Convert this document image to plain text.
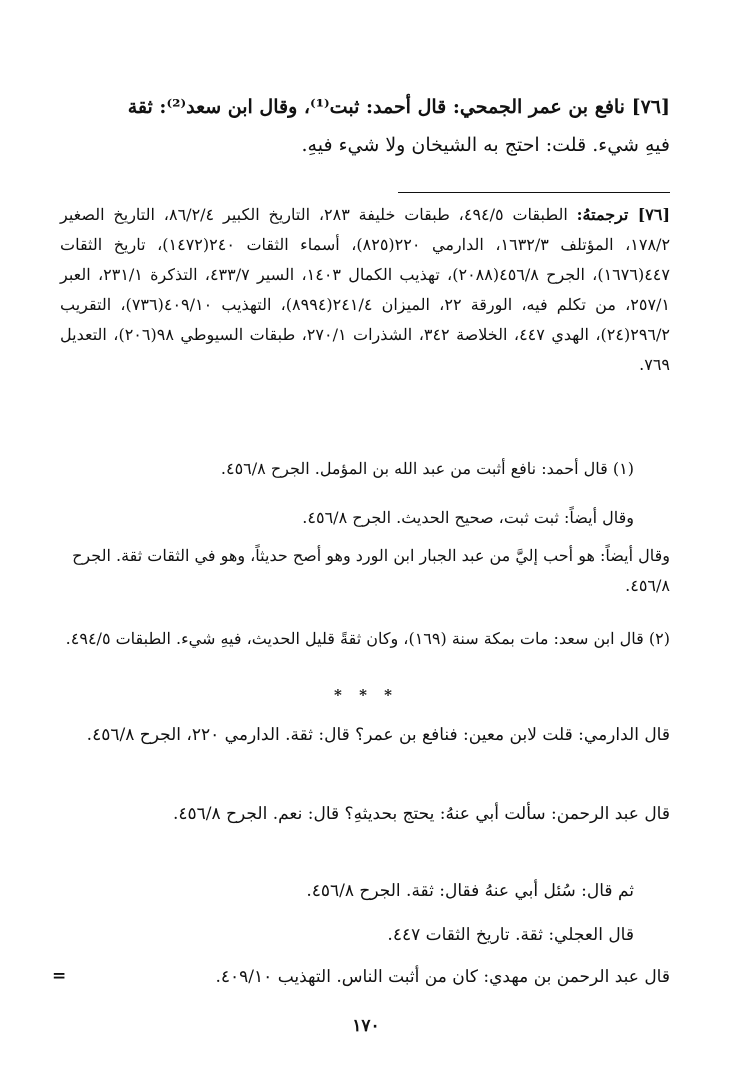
[٧٦] نافع بن عمر الجمحي: قال أحمد: ثبت⁽¹⁾، وقال ابن سعد⁽²⁾: ثقة
فيهِ شيء. قلت: احتج به الشيخان ولا شيء فيهِ.
[٧٦] ترجمتهُ: الطبقات ٤٩٤/٥، طبقات خليفة ٢٨٣، التاريخ الكبير ٨٦/٢/٤، التاريخ الصغير ١٧٨/٢، المؤتلف ١٦٣٢/٣، الدارمي ٢٢٠(٨٢٥)، أسماء الثقات ٢٤٠(١٤٧٢)، تاريخ الثقات ٤٤٧(١٦٧٦)، الجرح ٤٥٦/٨(٢٠٨٨)، تهذيب الكمال ١٤٠٣، السير ٤٣٣/٧، التذكرة ٢٣١/١، العبر ٢٥٧/١، من تكلم فيه، الورقة ٢٢، الميزان ٢٤١/٤(٨٩٩٤)، التهذيب ٤٠٩/١٠(٧٣٦)، التقريب ٢٩٦/٢(٢٤)، الهدي ٤٤٧، الخلاصة ٣٤٢، الشذرات ٢٧٠/١، طبقات السيوطي ٩٨(٢٠٦)، التعديل ٧٦٩.
(١) قال أحمد: نافع أثبت من عبد الله بن المؤمل. الجرح ٤٥٦/٨.
وقال أيضاً: ثبت ثبت، صحيح الحديث. الجرح ٤٥٦/٨.
وقال أيضاً: هو أحب إليَّ من عبد الجبار ابن الورد وهو أصح حديثاً، وهو في الثقات ثقة. الجرح ٤٥٦/٨.
(٢) قال ابن سعد: مات بمكة سنة (١٦٩)، وكان ثقةً قليل الحديث، فيهِ شيء. الطبقات ٤٩٤/٥.
* * *
قال الدارمي: قلت لابن معين: فنافع بن عمر؟ قال: ثقة. الدارمي ٢٢٠، الجرح ٤٥٦/٨.
قال عبد الرحمن: سألت أبي عنهُ: يحتج بحديثهِ؟ قال: نعم. الجرح ٤٥٦/٨.
ثم قال: سُئل أبي عنهُ فقال: ثقة. الجرح ٤٥٦/٨.
قال العجلي: ثقة. تاريخ الثقات ٤٤٧.
قال عبد الرحمن بن مهدي: كان من أثبت الناس. التهذيب ٤٠٩/١٠.
=
١٧٠
